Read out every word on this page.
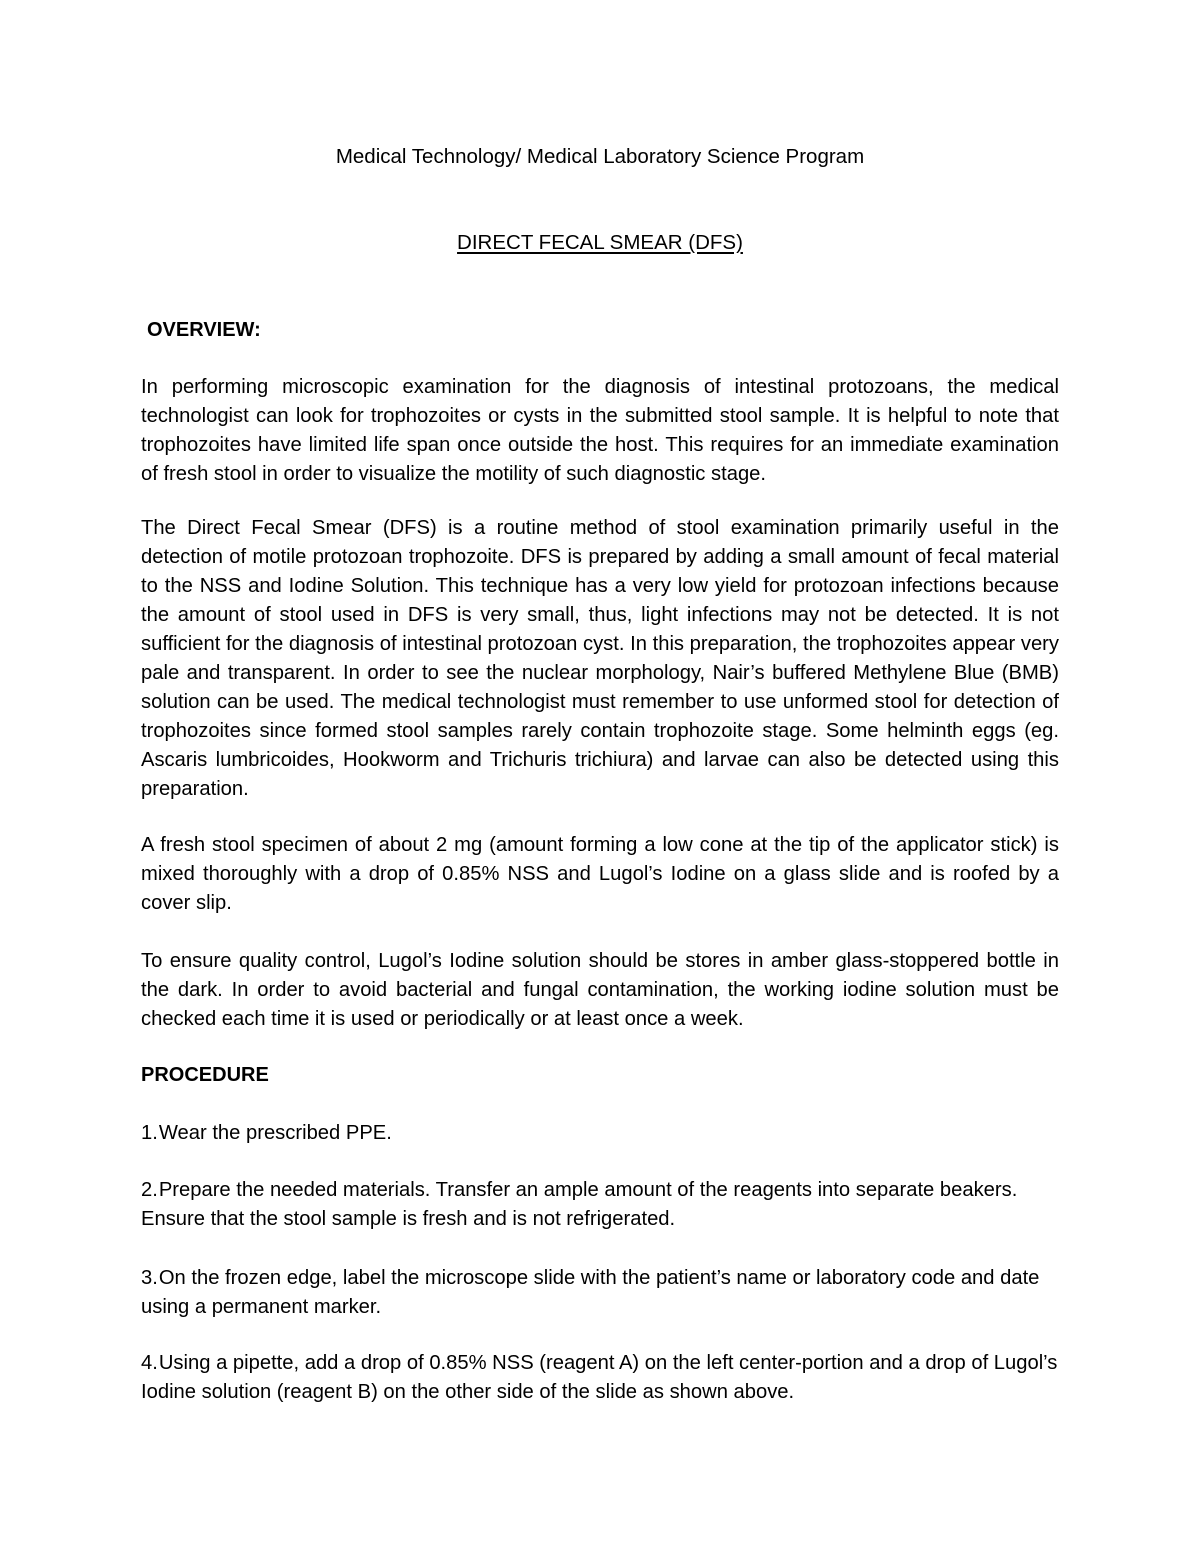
Medical Technology/ Medical Laboratory Science Program
DIRECT FECAL SMEAR (DFS)
OVERVIEW:
In performing microscopic examination for the diagnosis of intestinal protozoans, the medical technologist can look for trophozoites or cysts in the submitted stool sample. It is helpful to note that trophozoites have limited life span once outside the host. This requires for an immediate examination of fresh stool in order to visualize the motility of such diagnostic stage.
The Direct Fecal Smear (DFS) is a routine method of stool examination primarily useful in the detection of motile protozoan trophozoite. DFS is prepared by adding a small amount of fecal material to the NSS and Iodine Solution. This technique has a very low yield for protozoan infections because the amount of stool used in DFS is very small, thus, light infections may not be detected. It is not sufficient for the diagnosis of intestinal protozoan cyst. In this preparation, the trophozoites appear very pale and transparent. In order to see the nuclear morphology, Nair’s buffered Methylene Blue (BMB) solution can be used. The medical technologist must remember to use unformed stool for detection of trophozoites since formed stool samples rarely contain trophozoite stage. Some helminth eggs (eg. Ascaris lumbricoides, Hookworm and Trichuris trichiura) and larvae can also be detected using this preparation.
A fresh stool specimen of about 2 mg (amount forming a low cone at the tip of the applicator stick) is mixed thoroughly with a drop of 0.85% NSS and Lugol’s Iodine on a glass slide and is roofed by a cover slip.
To ensure quality control, Lugol’s Iodine solution should be stores in amber glass-stoppered bottle in the dark. In order to avoid bacterial and fungal contamination, the working iodine solution must be checked each time it is used or periodically or at least once a week.
PROCEDURE
1.Wear the prescribed PPE.
2.Prepare the needed materials. Transfer an ample amount of the reagents into separate beakers. Ensure that the stool sample is fresh and is not refrigerated.
3.On the frozen edge, label the microscope slide with the patient’s name or laboratory code and date using a permanent marker.
4.Using a pipette, add a drop of 0.85% NSS (reagent A) on the left center-portion and a drop of Lugol’s Iodine solution (reagent B) on the other side of the slide as shown above.
